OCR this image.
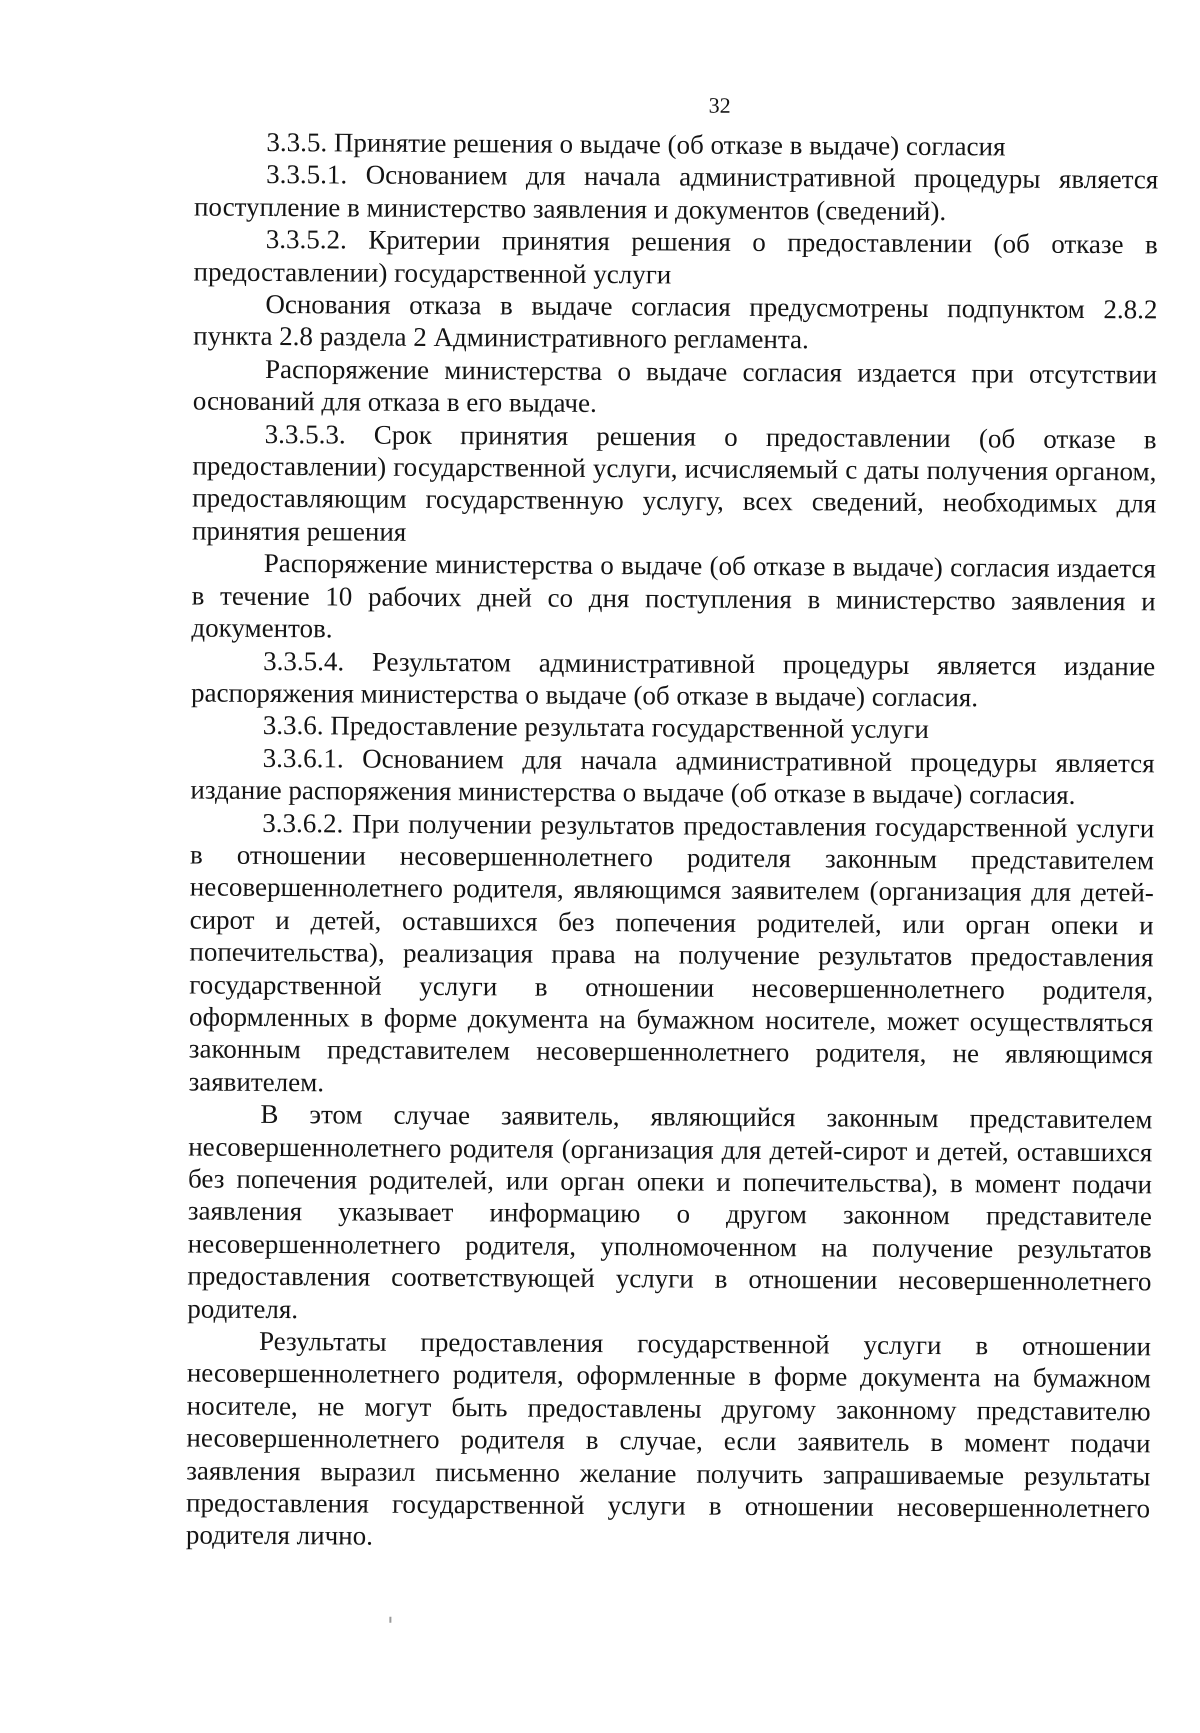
32

3.3.5. Принятие решения о выдаче (об отказе в выдаче) согласия

3.3.5.1. Основанием для начала административной процедуры является поступление в министерство заявления и документов (сведений).

3.3.5.2. Критерии принятия решения о предоставлении (об отказе в предоставлении) государственной услуги

Основания отказа в выдаче согласия предусмотрены подпунктом 2.8.2 пункта 2.8 раздела 2 Административного регламента.

Распоряжение министерства о выдаче согласия издается при отсутствии оснований для отказа в его выдаче.

3.3.5.3. Срок принятия решения о предоставлении (об отказе в предоставлении) государственной услуги, исчисляемый с даты получения органом, предоставляющим государственную услугу, всех сведений, необходимых для принятия решения

Распоряжение министерства о выдаче (об отказе в выдаче) согласия издается в течение 10 рабочих дней со дня поступления в министерство заявления и документов.

3.3.5.4. Результатом административной процедуры является издание распоряжения министерства о выдаче (об отказе в выдаче) согласия.

3.3.6. Предоставление результата государственной услуги

3.3.6.1. Основанием для начала административной процедуры является издание распоряжения министерства о выдаче (об отказе в выдаче) согласия.

3.3.6.2. При получении результатов предоставления государственной услуги в отношении несовершеннолетнего родителя законным представителем несовершеннолетнего родителя, являющимся заявителем (организация для детей-сирот и детей, оставшихся без попечения родителей, или орган опеки и попечительства), реализация права на получение результатов предоставления государственной услуги в отношении несовершеннолетнего родителя, оформленных в форме документа на бумажном носителе, может осуществляться законным представителем несовершеннолетнего родителя, не являющимся заявителем.

В этом случае заявитель, являющийся законным представителем несовершеннолетнего родителя (организация для детей-сирот и детей, оставшихся без попечения родителей, или орган опеки и попечительства), в момент подачи заявления указывает информацию о другом законном представителе несовершеннолетнего родителя, уполномоченном на получение результатов предоставления соответствующей услуги в отношении несовершеннолетнего родителя.

Результаты предоставления государственной услуги в отношении несовершеннолетнего родителя, оформленные в форме документа на бумажном носителе, не могут быть предоставлены другому законному представителю несовершеннолетнего родителя в случае, если заявитель в момент подачи заявления выразил письменно желание получить запрашиваемые результаты предоставления государственной услуги в отношении несовершеннолетнего родителя лично.
